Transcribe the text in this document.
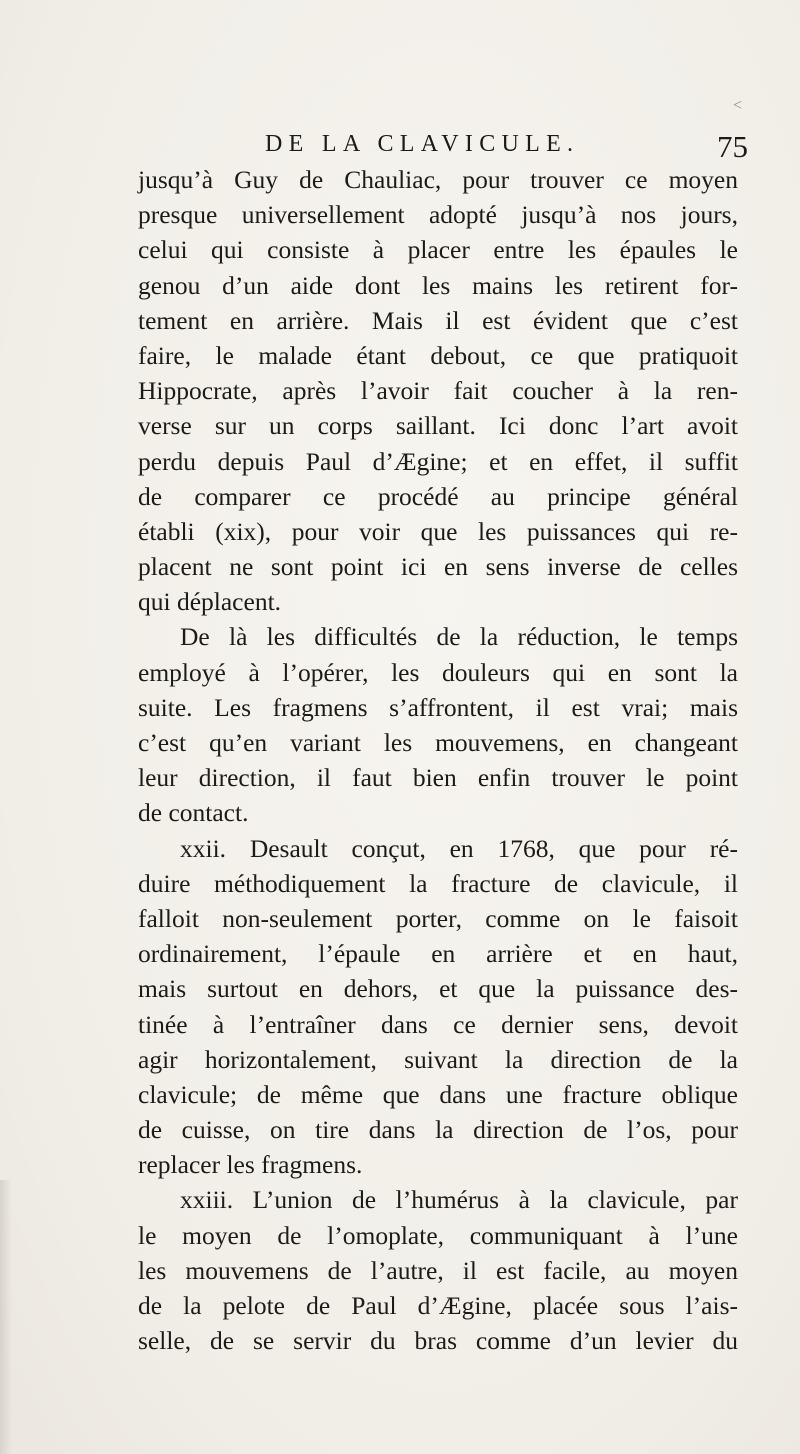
<
DE LA CLAVICULE.	75
jusqu’à Guy de Chauliac, pour trouver ce moyen
presque universellement adopté jusqu’à nos jours,
celui qui consiste à placer entre les épaules le
genou d’un aide dont les mains les retirent for-
tement en arrière. Mais il est évident que c’est
faire, le malade étant debout, ce que pratiquoit
Hippocrate, après l’avoir fait coucher à la ren-
verse sur un corps saillant. Ici donc l’art avoit
perdu depuis Paul d’Ægine; et en effet, il suffit
de comparer ce procédé au principe général
établi (xix), pour voir que les puissances qui re-
placent ne sont point ici en sens inverse de celles
qui déplacent.
De là les difficultés de la réduction, le temps
employé à l’opérer, les douleurs qui en sont la
suite. Les fragmens s’affrontent, il est vrai; mais
c’est qu’en variant les mouvemens, en changeant
leur direction, il faut bien enfin trouver le point
de contact.
xxii. Desault conçut, en 1768, que pour ré-
duire méthodiquement la fracture de clavicule, il
falloit non-seulement porter, comme on le faisoit
ordinairement, l’épaule en arrière et en haut,
mais surtout en dehors, et que la puissance des-
tinée à l’entraîner dans ce dernier sens, devoit
agir horizontalement, suivant la direction de la
clavicule; de même que dans une fracture oblique
de cuisse, on tire dans la direction de l’os, pour
replacer les fragmens.
xxiii. L’union de l’humérus à la clavicule, par
le moyen de l’omoplate, communiquant à l’une
les mouvemens de l’autre, il est facile, au moyen
de la pelote de Paul d’Ægine, placée sous l’ais-
selle, de se servir du bras comme d’un levier du
